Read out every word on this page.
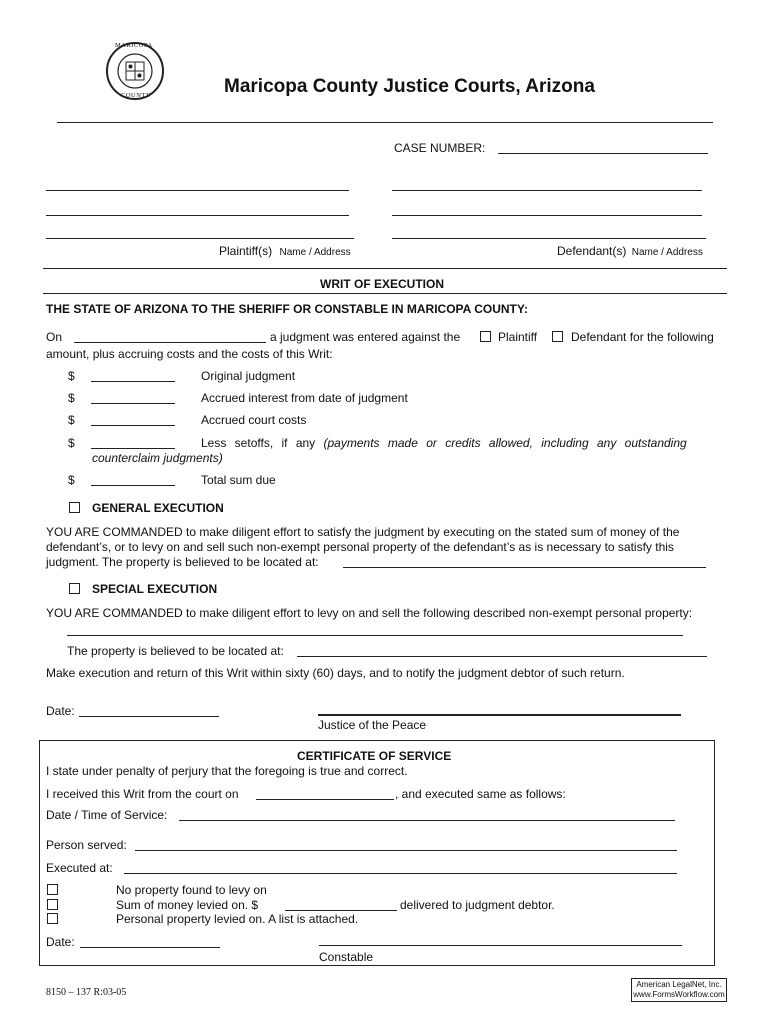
MARICOPA
COUNTY	Maricopa County Justice Courts, Arizona
CASE NUMBER:
Plaintiff(s) Name / Address	Defendant(s) Name / Address
WRIT OF EXECUTION
THE STATE OF ARIZONA TO THE SHERIFF OR CONSTABLE IN MARICOPA COUNTY:
On	a judgment was entered against the	Plaintiff	Defendant for the following
amount, plus accruing costs and the costs of this Writ:
$	Original judgment
$	Accrued interest from date of judgment
$	Accrued court costs
$	Less setoffs, if any (payments made or credits allowed, including any outstanding
counterclaim judgments)
$	Total sum due
GENERAL EXECUTION
YOU ARE COMMANDED to make diligent effort to satisfy the judgment by executing on the stated sum of money of the
defendant’s, or to levy on and sell such non-exempt personal property of the defendant’s as is necessary to satisfy this
judgment. The property is believed to be located at:
SPECIAL EXECUTION
YOU ARE COMMANDED to make diligent effort to levy on and sell the following described non-exempt personal property:
The property is believed to be located at:
Make execution and return of this Writ within sixty (60) days, and to notify the judgment debtor of such return.
Date:
Justice of the Peace
CERTIFICATE OF SERVICE
I state under penalty of perjury that the foregoing is true and correct.
I received this Writ from the court on	, and executed same as follows:
Date / Time of Service:
Person served:
Executed at:
No property found to levy on
Sum of money levied on. $	delivered to judgment debtor.
Personal property levied on. A list is attached.
Date:
Constable
8150 – 137 R:03-05
American LegalNet, Inc.
www.FormsWorkflow.com
